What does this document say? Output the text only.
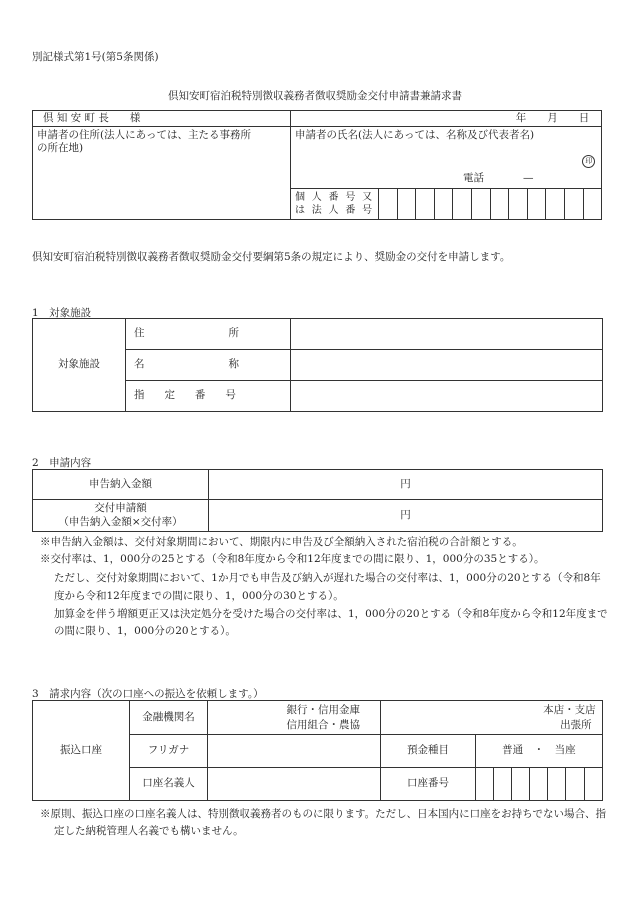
別記様式第1号(第5条関係)
倶知安町宿泊税特別徴収義務者徴収奨励金交付申請書兼請求書
倶 知 安 町 長　　様	年　　月　　日												

申請者の住所(法人にあっては、主たる事務所の所在地)	申請者の氏名(法人にあっては、名称及び代表者名)
印
電話 —												

	個 人 番 号 又 は 法 人 番 号												
倶知安町宿泊税特別徴収義務者徴収奨励金交付要綱第5条の規定により、奨励金の交付を申請します。
1　対象施設
対象施設	住　　　　　所	
	名　　　　　称	
	指　定　番　号	
2　申請内容
申告納入金額	円
交付申請額
（申告納入金額×交付率）	円
※申告納入金額は、交付対象期間において、期限内に申告及び全額納入された宿泊税の合計額とする。
※交付率は、1，000分の25とする（令和8年度から令和12年度までの間に限り、1，000分の35とする）。
ただし、交付対象期間において、1か月でも申告及び納入が遅れた場合の交付率は、1，000分の20とする（令和8年度から令和12年度までの間に限り、1，000分の30とする）。
加算金を伴う増額更正又は決定処分を受けた場合の交付率は、1，000分の20とする（令和8年度から令和12年度までの間に限り、1，000分の20とする）。
3　請求内容（次の口座への振込を依頼します。）
振込口座	金融機関名	銀行・信用金庫
信用組合・農協	本店・支店
出張所							
	フリガナ		預金種目	普通　・　当座						
	口座名義人		口座番号							
※原則、振込口座の口座名義人は、特別徴収義務者のものに限ります。ただし、日本国内に口座をお持ちでない場合、指定した納税管理人名義でも構いません。
